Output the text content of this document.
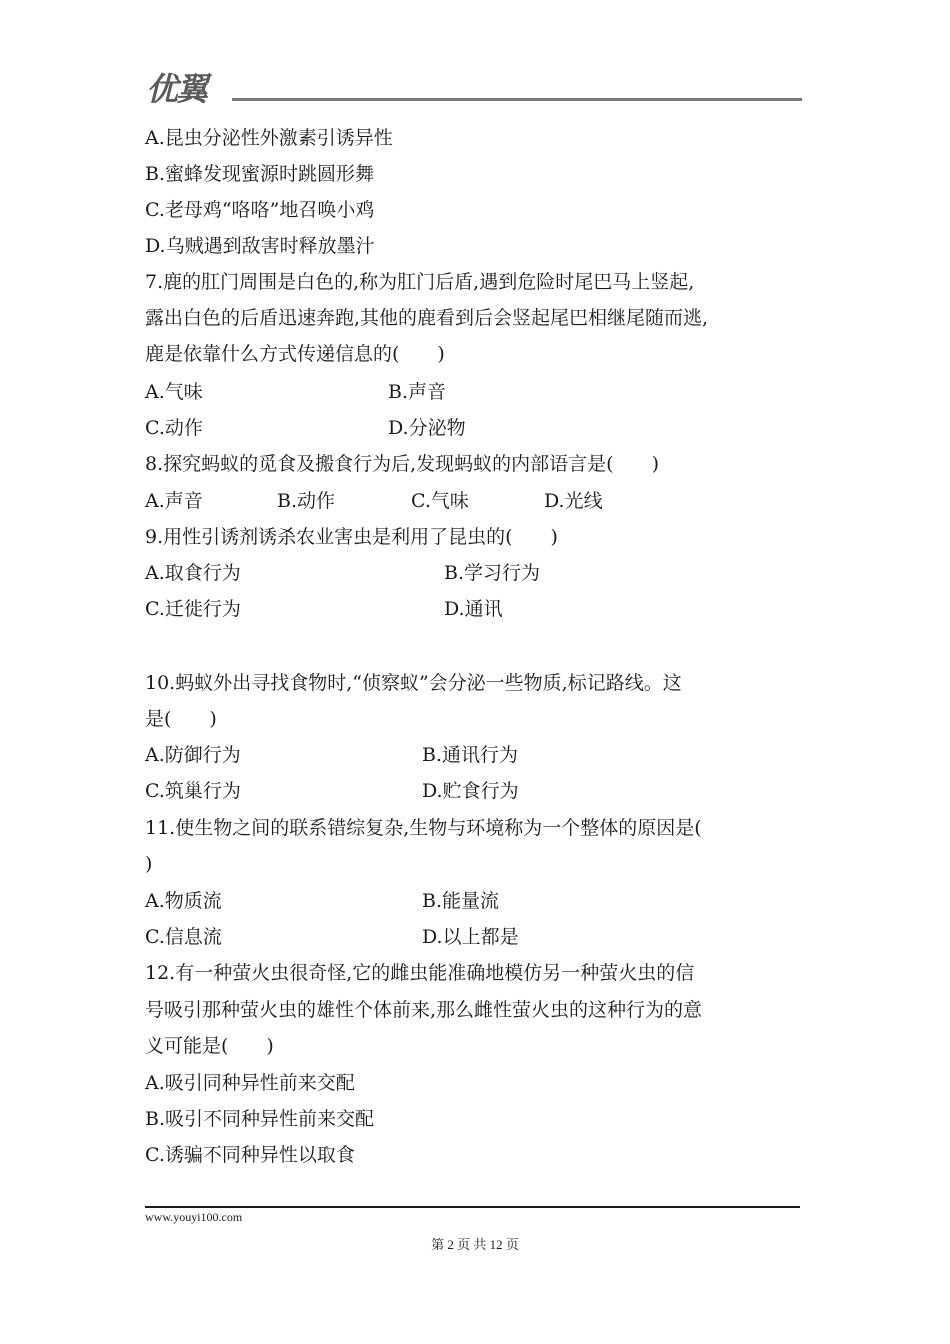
优翼
A.昆虫分泌性外激素引诱异性
B.蜜蜂发现蜜源时跳圆形舞
C.老母鸡“咯咯”地召唤小鸡
D.乌贼遇到敌害时释放墨汁
7.鹿的肛门周围是白色的,称为肛门后盾,遇到危险时尾巴马上竖起,
露出白色的后盾迅速奔跑,其他的鹿看到后会竖起尾巴相继尾随而逃,
鹿是依靠什么方式传递信息的(　　)
A.气味	B.声音
C.动作	D.分泌物
8.探究蚂蚁的觅食及搬食行为后,发现蚂蚁的内部语言是(　　)
A.声音	B.动作	C.气味	D.光线
9.用性引诱剂诱杀农业害虫是利用了昆虫的(　　)
A.取食行为	B.学习行为
C.迁徙行为	D.通讯
10.蚂蚁外出寻找食物时,“侦察蚁”会分泌一些物质,标记路线。这
是(　　)
A.防御行为	B.通讯行为
C.筑巢行为	D.贮食行为
11.使生物之间的联系错综复杂,生物与环境称为一个整体的原因是(
)
A.物质流	B.能量流
C.信息流	D.以上都是
12.有一种萤火虫很奇怪,它的雌虫能准确地模仿另一种萤火虫的信
号吸引那种萤火虫的雄性个体前来,那么雌性萤火虫的这种行为的意
义可能是(　　)
A.吸引同种异性前来交配
B.吸引不同种异性前来交配
C.诱骗不同种异性以取食
www.youyi100.com
第 2 页 共 12 页
